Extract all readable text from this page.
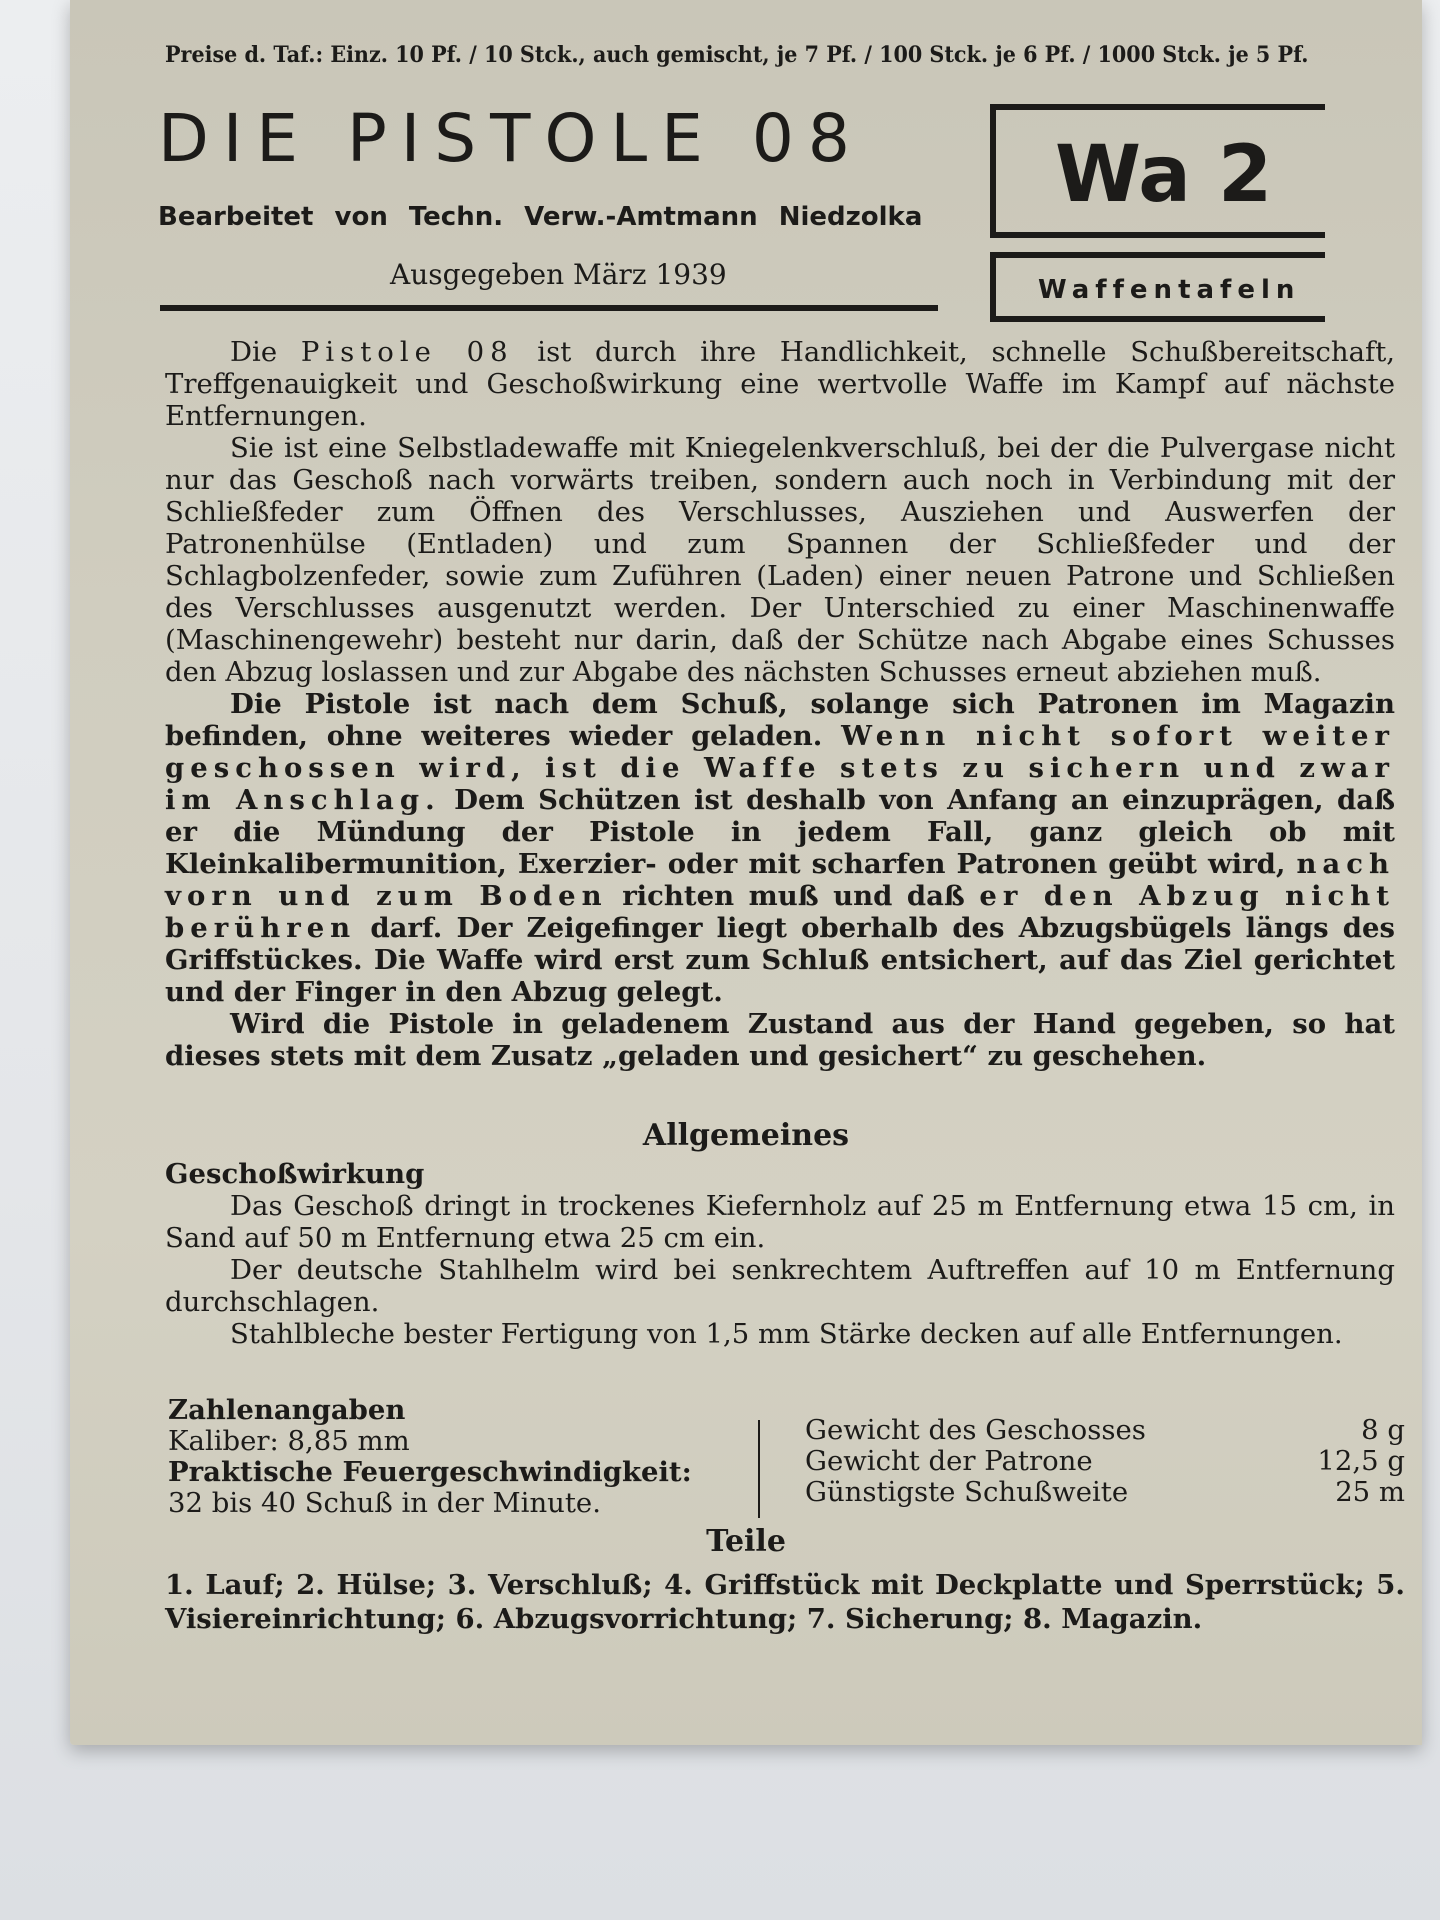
Preise d. Taf.: Einz. 10 Pf. / 10 Stck., auch gemischt, je 7 Pf. / 100 Stck. je 6 Pf. / 1000 Stck. je 5 Pf.
DIE PISTOLE 08
Bearbeitet von Techn. Verw.-Amtmann Niedzolka
Ausgegeben März 1939
Wa 2
Waffentafeln

Die Pistole 08 ist durch ihre Handlichkeit, schnelle Schußbereitschaft, Treffgenauigkeit und Geschoßwirkung eine wertvolle Waffe im Kampf auf nächste Entfernungen.

Sie ist eine Selbstladewaffe mit Kniegelenkverschluß, bei der die Pulvergase nicht nur das Geschoß nach vorwärts treiben, sondern auch noch in Verbindung mit der Schließfeder zum Öffnen des Verschlusses, Ausziehen und Auswerfen der Patronenhülse (Entladen) und zum Spannen der Schließfeder und der Schlagbolzenfeder, sowie zum Zuführen (Laden) einer neuen Patrone und Schließen des Verschlusses ausgenutzt werden. Der Unterschied zu einer Maschinenwaffe (Maschinengewehr) besteht nur darin, daß der Schütze nach Abgabe eines Schusses den Abzug loslassen und zur Abgabe des nächsten Schusses erneut abziehen muß.

Die Pistole ist nach dem Schuß, solange sich Patronen im Magazin befinden, ohne weiteres wieder geladen. Wenn nicht sofort weiter geschossen wird, ist die Waffe stets zu sichern und zwar im Anschlag. Dem Schützen ist deshalb von Anfang an einzuprägen, daß er die Mündung der Pistole in jedem Fall, ganz gleich ob mit Kleinkalibermunition, Exerzier- oder mit scharfen Patronen geübt wird, nach vorn und zum Boden richten muß und daß er den Abzug nicht berühren darf. Der Zeigefinger liegt oberhalb des Abzugsbügels längs des Griffstückes. Die Waffe wird erst zum Schluß entsichert, auf das Ziel gerichtet und der Finger in den Abzug gelegt.

Wird die Pistole in geladenem Zustand aus der Hand gegeben, so hat dieses stets mit dem Zusatz „geladen und gesichert“ zu geschehen.

Allgemeines

Geschoßwirkung

Das Geschoß dringt in trockenes Kiefernholz auf 25 m Entfernung etwa 15 cm, in Sand auf 50 m Entfernung etwa 25 cm ein.

Der deutsche Stahlhelm wird bei senkrechtem Auftreffen auf 10 m Entfernung durchschlagen.

Stahlbleche bester Fertigung von 1,5 mm Stärke decken auf alle Entfernungen.

Zahlenangaben
Kaliber: 8,85 mm
Praktische Feuergeschwindigkeit:
32 bis 40 Schuß in der Minute.
Gewicht des Geschosses	8 g
Gewicht der Patrone	12,5 g
Günstigste Schußweite	25 m
Teile
1. Lauf; 2. Hülse; 3. Verschluß; 4. Griffstück mit Deckplatte und Sperrstück; 5. Visiereinrichtung; 6. Abzugsvorrichtung; 7. Sicherung; 8. Magazin.
